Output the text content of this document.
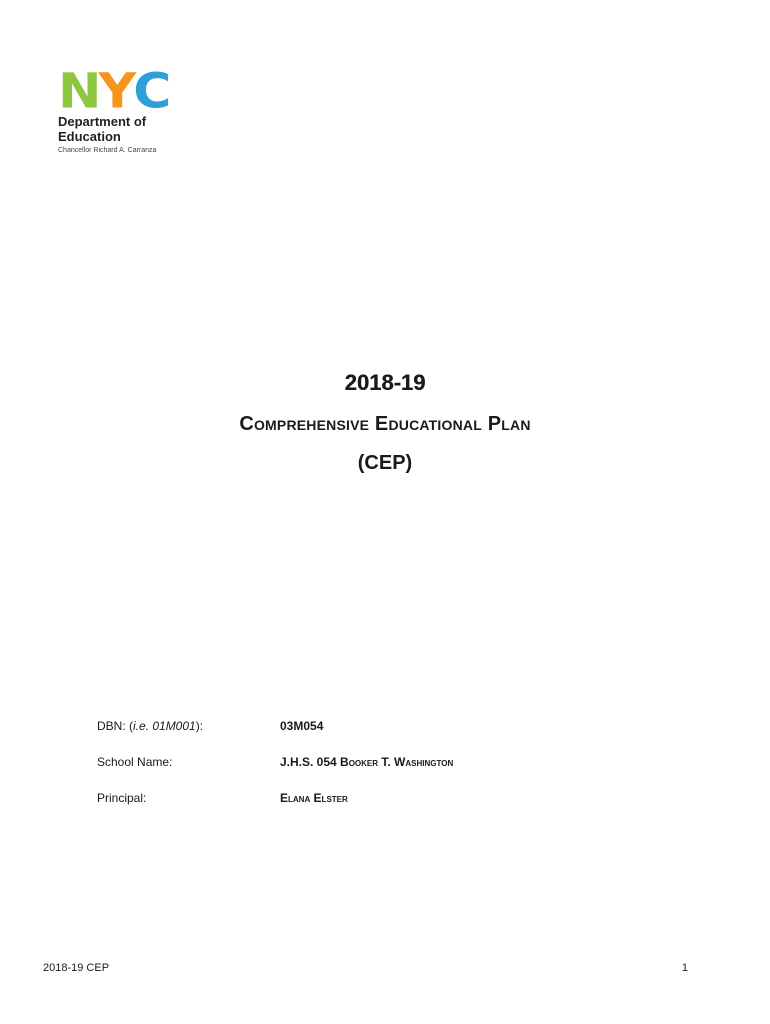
N Y C
Department of
Education
Chancellor Richard A. Carranza
2018-19
Comprehensive Educational Plan
(CEP)
DBN: (i.e. 01M001):	03M054
School Name:	J.H.S. 054 Booker T. Washington
Principal:	Elana Elster
2018-19 CEP	1
